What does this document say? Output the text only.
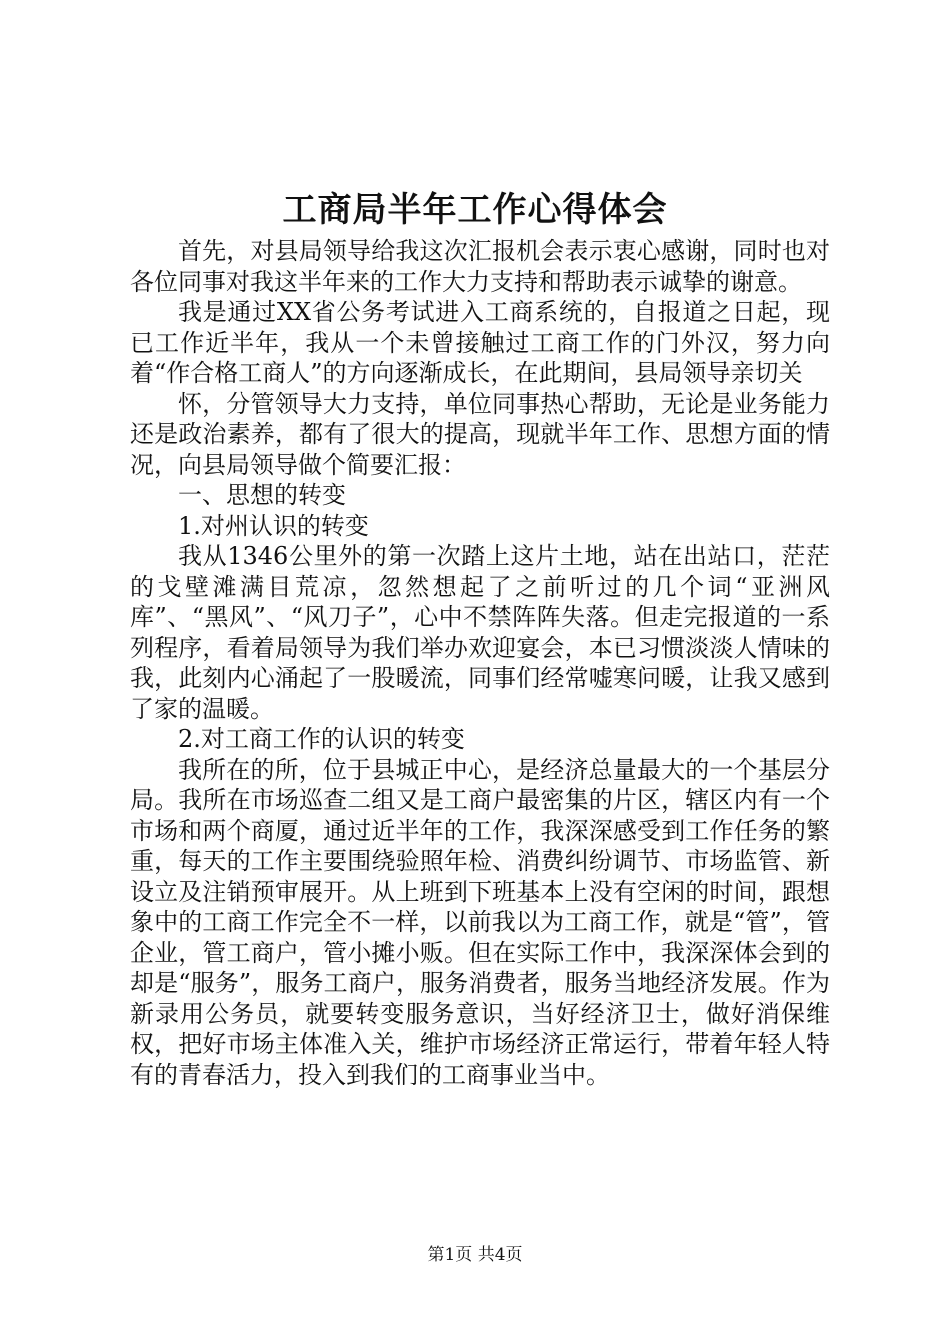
工商局半年工作心得体会

首先，对县局领导给我这次汇报机会表示衷心感谢，同时也对各位同事对我这半年来的工作大力支持和帮助表示诚挚的谢意。

我是通过XX省公务考试进入工商系统的，自报道之日起，现已工作近半年，我从一个未曾接触过工商工作的门外汉，努力向着“作合格工商人”的方向逐渐成长，在此期间，县局领导亲切关

怀，分管领导大力支持，单位同事热心帮助，无论是业务能力还是政治素养，都有了很大的提高，现就半年工作、思想方面的情况，向县局领导做个简要汇报：

一、思想的转变

1.对州认识的转变

我从1346公里外的第一次踏上这片土地，站在出站口，茫茫的戈壁滩满目荒凉，忽然想起了之前听过的几个词“亚洲风库”、“黑风”、“风刀子”，心中不禁阵阵失落。但走完报道的一系列程序，看着局领导为我们举办欢迎宴会，本已习惯淡淡人情味的我，此刻内心涌起了一股暖流，同事们经常嘘寒问暖，让我又感到了家的温暖。

2.对工商工作的认识的转变

我所在的所，位于县城正中心，是经济总量最大的一个基层分局。我所在市场巡查二组又是工商户最密集的片区，辖区内有一个市场和两个商厦，通过近半年的工作，我深深感受到工作任务的繁重，每天的工作主要围绕验照年检、消费纠纷调节、市场监管、新设立及注销预审展开。从上班到下班基本上没有空闲的时间，跟想象中的工商工作完全不一样，以前我以为工商工作，就是“管”，管企业，管工商户，管小摊小贩。但在实际工作中，我深深体会到的却是“服务”，服务工商户，服务消费者，服务当地经济发展。作为新录用公务员，就要转变服务意识，当好经济卫士，做好消保维权，把好市场主体准入关，维护市场经济正常运行，带着年轻人特有的青春活力，投入到我们的工商事业当中。

第1页 共4页
